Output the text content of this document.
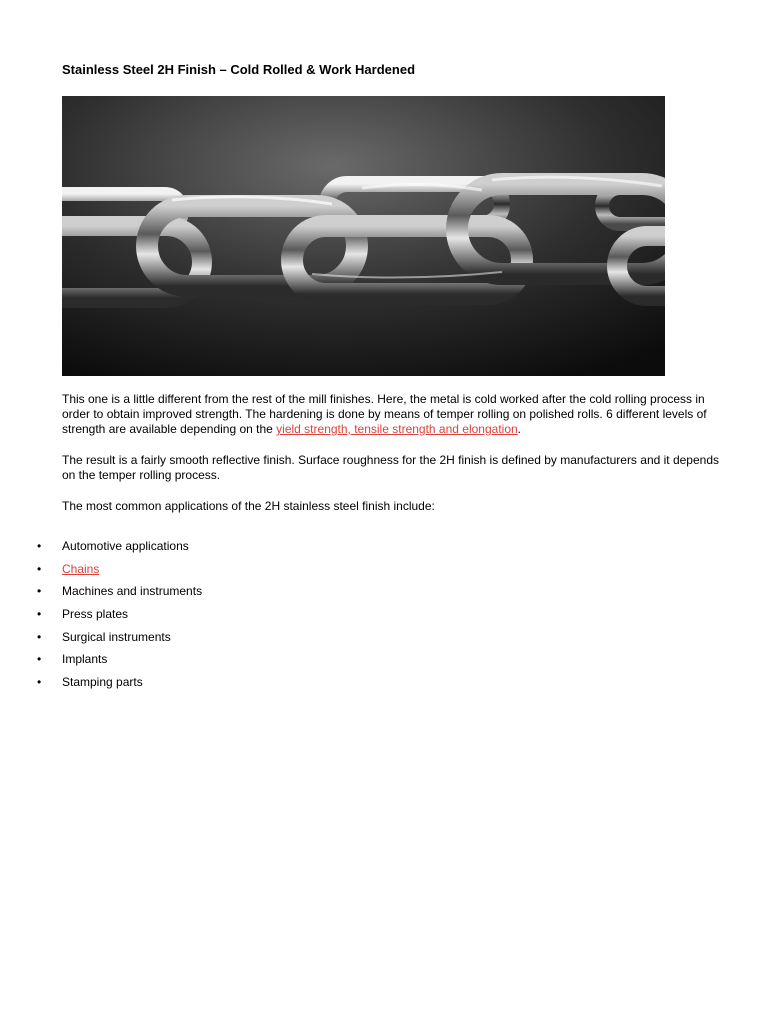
Stainless Steel 2H Finish – Cold Rolled & Work Hardened

This one is a little different from the rest of the mill finishes. Here, the metal is cold worked after the cold rolling process in order to obtain improved strength. The hardening is done by means of temper rolling on polished rolls. 6 different levels of strength are available depending on the yield strength, tensile strength and elongation.

The result is a fairly smooth reflective finish. Surface roughness for the 2H finish is defined by manufacturers and it depends on the temper rolling process.

The most common applications of the 2H stainless steel finish include:

• Automotive applications
• Chains
• Machines and instruments
• Press plates
• Surgical instruments
• Implants
• Stamping parts
